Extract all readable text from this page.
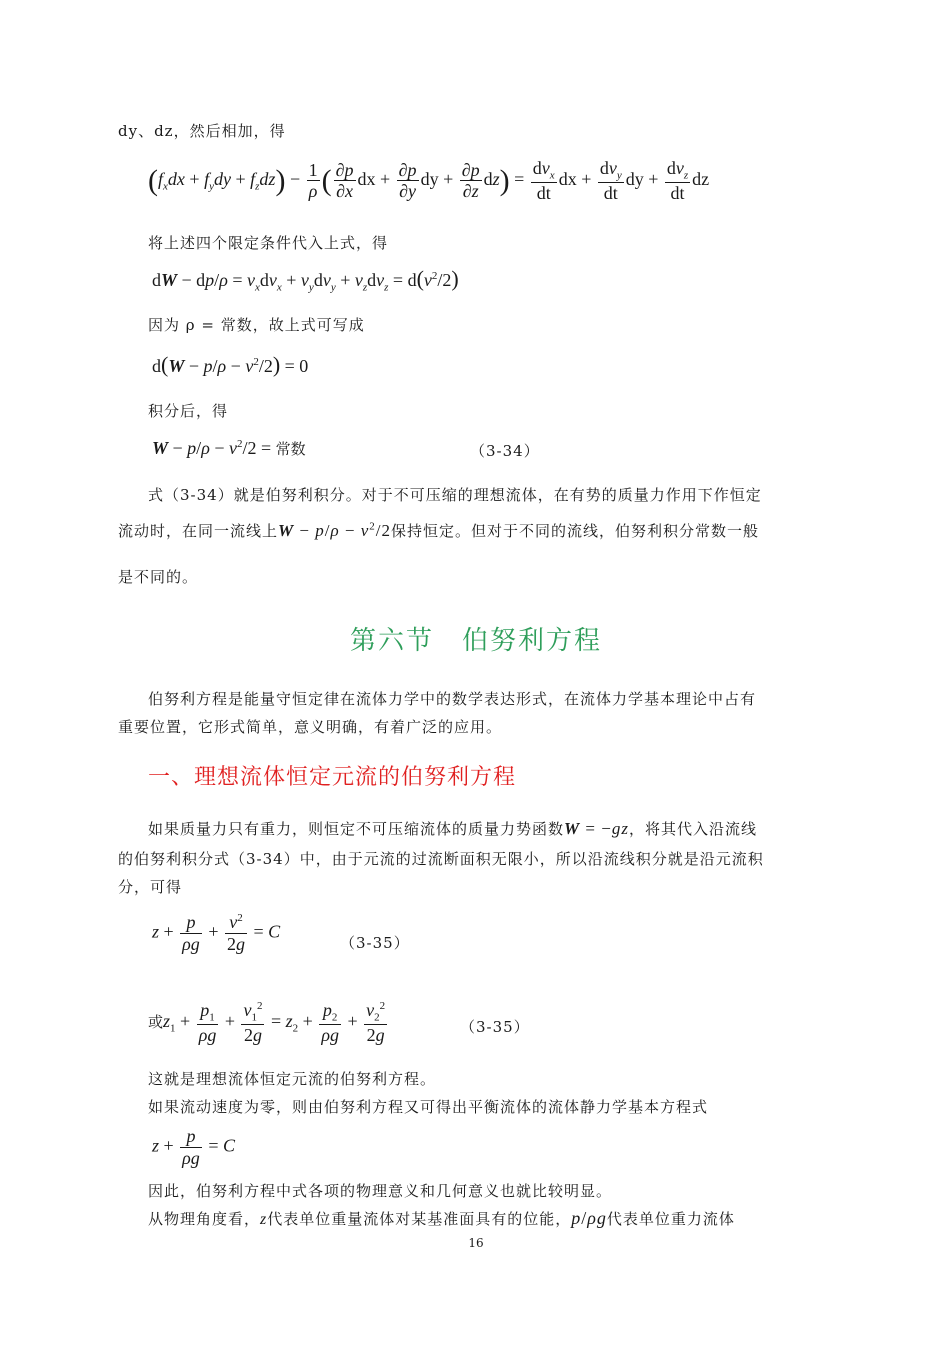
dy、dz，然后相加，得
$(f_xdx + f_ydy + f_zdz) - \frac{1}{\rho}$ ( $\frac{\partial p}{\partial x}$ dx + $\frac{\partial p}{\partial y}$ dy + $\frac{\partial p}{\partial z} dz) = \frac{dv_x}{dt}$ dx + $\frac{dv_y}{dt}$ dy + $\frac{dv_z}{dt}$ dz
将上述四个限定条件代入上式，得
dW − $dp/\rho = v_xdv_x + v_ydv_y + v_zdv_z = d(v^2/2)$
因为 ρ = 常数，故上式可写成
$d(W - p/\rho - v^2/2) = 0$
积分后，得
$W - p/\rho - v^2/2$ = 常数	（3-34）
式（3-34）就是伯努利积分。对于不可压缩的理想流体，在有势的质量力作用下作恒定
流动时，在同一流线上$W - p/\rho - v^2/2$保持恒定。但对于不同的流线，伯努利积分常数一般
是不同的。
第六节　伯努利方程
伯努利方程是能量守恒定律在流体力学中的数学表达形式，在流体力学基本理论中占有
重要位置，它形式简单，意义明确，有着广泛的应用。
一、理想流体恒定元流的伯努利方程
如果质量力只有重力，则恒定不可压缩流体的质量力势函数W = −gz，将其代入沿流线
的伯努利积分式（3-34）中，由于元流的过流断面积无限小，所以沿流线积分就是沿元流积
分，可得
$z + \frac{p}{\rho g} + \frac{v^2}{2g} = C$
（3-35）
或$z_1 + \frac{p_1}{\rho g} + \frac{v_1^2}{2g} = z_2 + \frac{p_2}{\rho g} + \frac{v_2^2}{2g}$	（3-35）
这就是理想流体恒定元流的伯努利方程。
如果流动速度为零，则由伯努利方程又可得出平衡流体的流体静力学基本方程式
$z + \frac{p}{\rho g} = C$
因此，伯努利方程中式各项的物理意义和几何意义也就比较明显。
从物理角度看，z代表单位重量流体对某基准面具有的位能，p/ρg代表单位重力流体
16
